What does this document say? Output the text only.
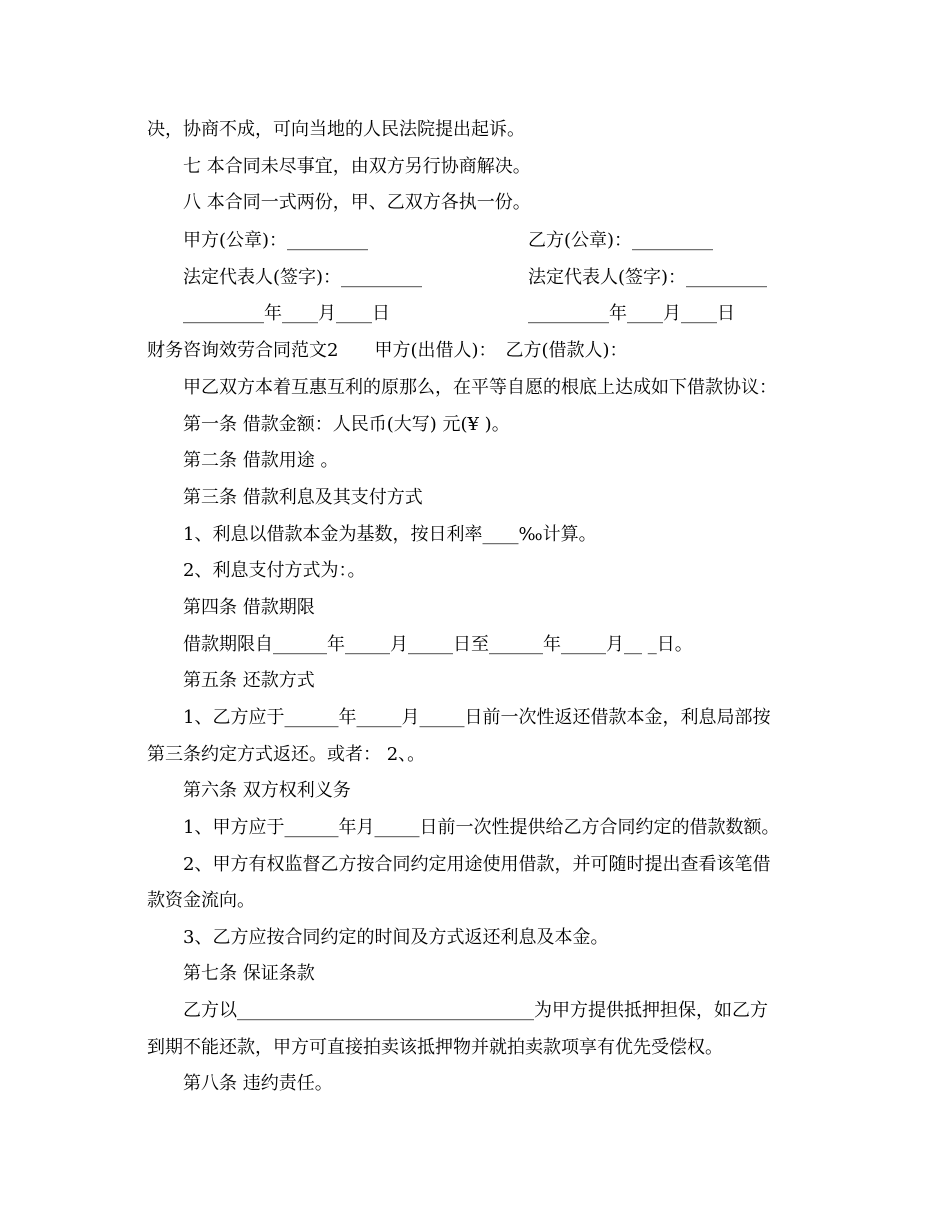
决，协商不成，可向当地的人民法院提出起诉。
七 本合同未尽事宜，由双方另行协商解决。
八 本合同一式两份，甲、乙双方各执一份。
甲方(公章)：_________	乙方(公章)：_________
法定代表人(签字)：_________	法定代表人(签字)：_________
_________年____月____日	_________年____月____日
财务咨询效劳合同范文2　　甲方(出借人)：　乙方(借款人)：
甲乙双方本着互惠互利的原那么，在平等自愿的根底上达成如下借款协议：
第一条 借款金额：人民币(大写) 元(¥ )。
第二条 借款用途 。
第三条 借款利息及其支付方式
1、利息以借款本金为基数，按日利率____‰计算。
2、利息支付方式为：。
第四条 借款期限
借款期限自______年_____月_____日至______年_____月__ _日。
第五条 还款方式
1、乙方应于______年_____月_____日前一次性返还借款本金，利息局部按
第三条约定方式返还。或者： 2、。
第六条 双方权利义务
1、甲方应于______年月_____日前一次性提供给乙方合同约定的借款数额。
2、甲方有权监督乙方按合同约定用途使用借款，并可随时提出查看该笔借
款资金流向。
3、乙方应按合同约定的时间及方式返还利息及本金。
第七条 保证条款
乙方以_________________________________为甲方提供抵押担保，如乙方
到期不能还款，甲方可直接拍卖该抵押物并就拍卖款项享有优先受偿权。
第八条 违约责任。
